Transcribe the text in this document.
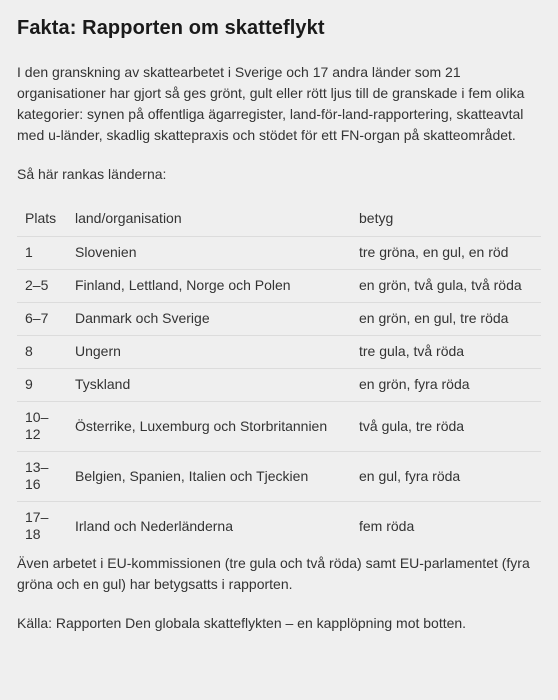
Fakta: Rapporten om skatteflykt

I den granskning av skattearbetet i Sverige och 17 andra länder som 21 organisationer har gjort så ges grönt, gult eller rött ljus till de granskade i fem olika kategorier: synen på offentliga ägarregister, land-för-land-rapportering, skatteavtal med u-länder, skadlig skattepraxis och stödet för ett FN-organ på skatteområdet.

Så här rankas länderna:

Plats	land/organisation	betyg
1	Slovenien	tre gröna, en gul, en röd
2–5	Finland, Lettland, Norge och Polen	en grön, två gula, två röda
6–7	Danmark och Sverige	en grön, en gul, tre röda
8	Ungern	tre gula, två röda
9	Tyskland	en grön, fyra röda
10–12	Österrike, Luxemburg och Storbritannien	två gula, tre röda
13–16	Belgien, Spanien, Italien och Tjeckien	en gul, fyra röda
17–18	Irland och Nederländerna	fem röda

Även arbetet i EU-kommissionen (tre gula och två röda) samt EU-parlamentet (fyra gröna och en gul) har betygsatts i rapporten.

Källa: Rapporten Den globala skatteflykten – en kapplöpning mot botten.
